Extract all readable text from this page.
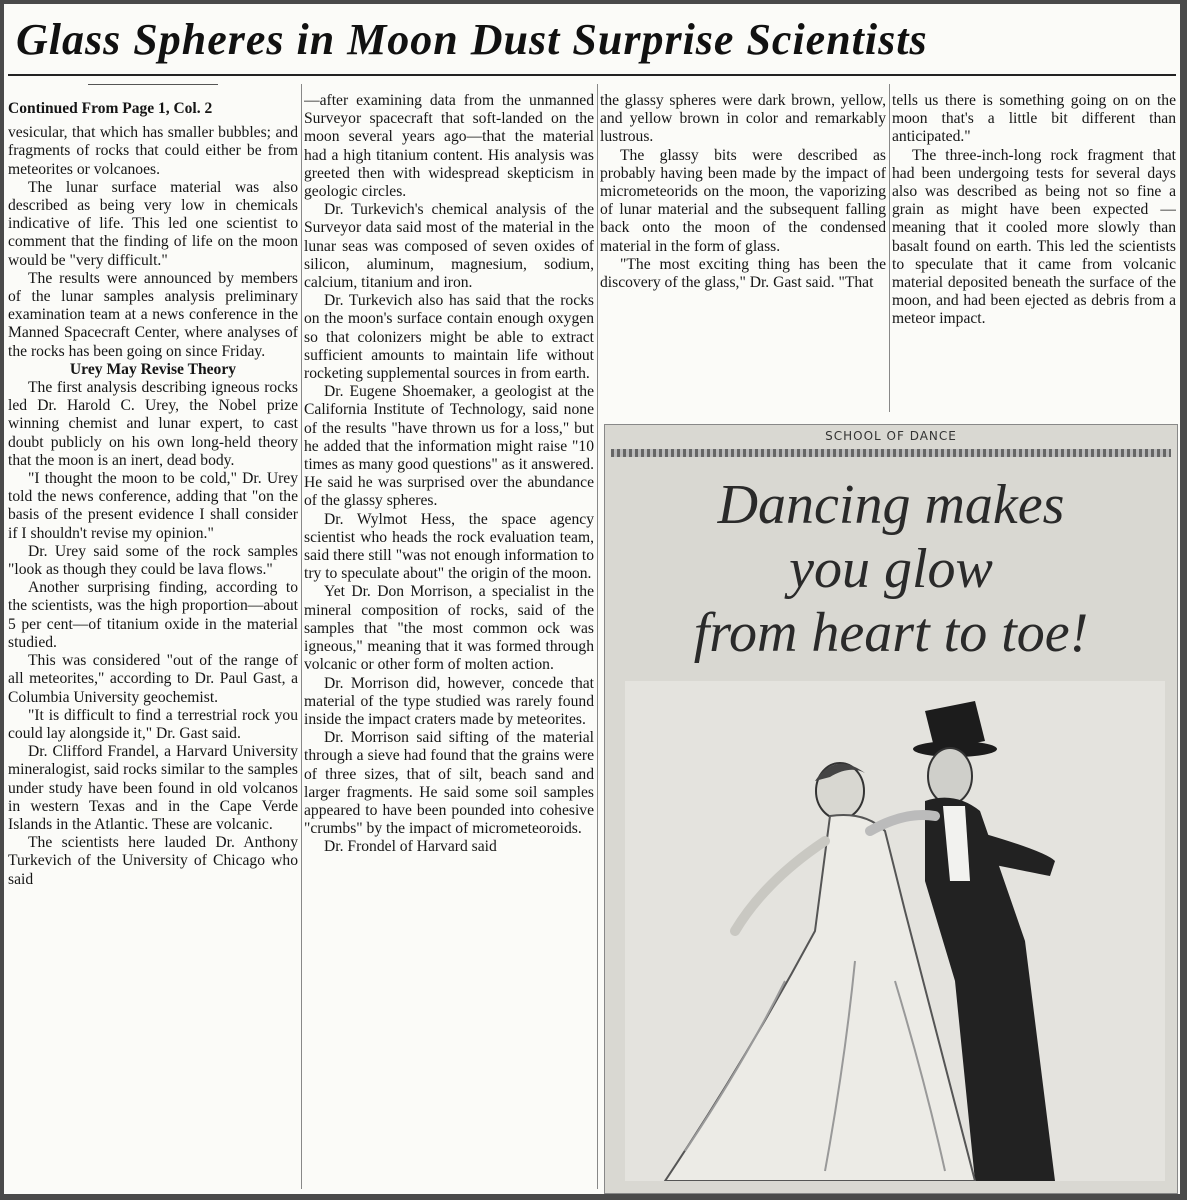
Glass Spheres in Moon Dust Surprise Scientists
Continued From Page 1, Col. 2

vesicular, that which has smaller bubbles; and fragments of rocks that could either be from meteorites or volcanoes.

The lunar surface material was also described as being very low in chemicals indicative of life. This led one scientist to comment that the finding of life on the moon would be "very difficult."

The results were announced by members of the lunar samples analysis preliminary examination team at a news conference in the Manned Spacecraft Center, where analyses of the rocks has been going on since Friday.

Urey May Revise Theory

The first analysis describing igneous rocks led Dr. Harold C. Urey, the Nobel prize winning chemist and lunar expert, to cast doubt publicly on his own long-held theory that the moon is an inert, dead body.

"I thought the moon to be cold," Dr. Urey told the news conference, adding that "on the basis of the present evidence I shall consider if I shouldn't revise my opinion."

Dr. Urey said some of the rock samples "look as though they could be lava flows."

Another surprising finding, according to the scientists, was the high proportion—about 5 per cent—of titanium oxide in the material studied.

This was considered "out of the range of all meteorites," according to Dr. Paul Gast, a Columbia University geochemist.

"It is difficult to find a terrestrial rock you could lay alongside it," Dr. Gast said.

Dr. Clifford Frandel, a Harvard University mineralogist, said rocks similar to the samples under study have been found in old volcanos in western Texas and in the Cape Verde Islands in the Atlantic. These are volcanic.

The scientists here lauded Dr. Anthony Turkevich of the University of Chicago who said

—after examining data from the unmanned Surveyor spacecraft that soft-landed on the moon several years ago—that the material had a high titanium content. His analysis was greeted then with widespread skepticism in geologic circles.

Dr. Turkevich's chemical analysis of the Surveyor data said most of the material in the lunar seas was composed of seven oxides of silicon, aluminum, magnesium, sodium, calcium, titanium and iron.

Dr. Turkevich also has said that the rocks on the moon's surface contain enough oxygen so that colonizers might be able to extract sufficient amounts to maintain life without rocketing supplemental sources in from earth.

Dr. Eugene Shoemaker, a geologist at the California Institute of Technology, said none of the results "have thrown us for a loss," but he added that the information might raise "10 times as many good questions" as it answered. He said he was surprised over the abundance of the glassy spheres.

Dr. Wylmot Hess, the space agency scientist who heads the rock evaluation team, said there still "was not enough information to try to speculate about" the origin of the moon.

Yet Dr. Don Morrison, a specialist in the mineral composition of rocks, said of the samples that "the most common ock was igneous," meaning that it was formed through volcanic or other form of molten action.

Dr. Morrison did, however, concede that material of the type studied was rarely found inside the impact craters made by meteorites.

Dr. Morrison said sifting of the material through a sieve had found that the grains were of three sizes, that of silt, beach sand and larger fragments. He said some soil samples appeared to have been pounded into cohesive "crumbs" by the impact of micrometeoroids.

Dr. Frondel of Harvard said

the glassy spheres were dark brown, yellow, and yellow brown in color and remarkably lustrous.

The glassy bits were described as probably having been made by the impact of micrometeorids on the moon, the vaporizing of lunar material and the subsequent falling back onto the moon of the condensed material in the form of glass.

"The most exciting thing has been the discovery of the glass," Dr. Gast said. "That

tells us there is something going on on the moon that's a little bit different than anticipated."

The three-inch-long rock fragment that had been undergoing tests for several days also was described as being not so fine a grain as might have been expected — meaning that it cooled more slowly than basalt found on earth. This led the scientists to speculate that it came from volcanic material deposited beneath the surface of the moon, and had been ejected as debris from a meteor impact.

SCHOOL OF DANCE
Dancing makes
you glow
from heart to toe!
